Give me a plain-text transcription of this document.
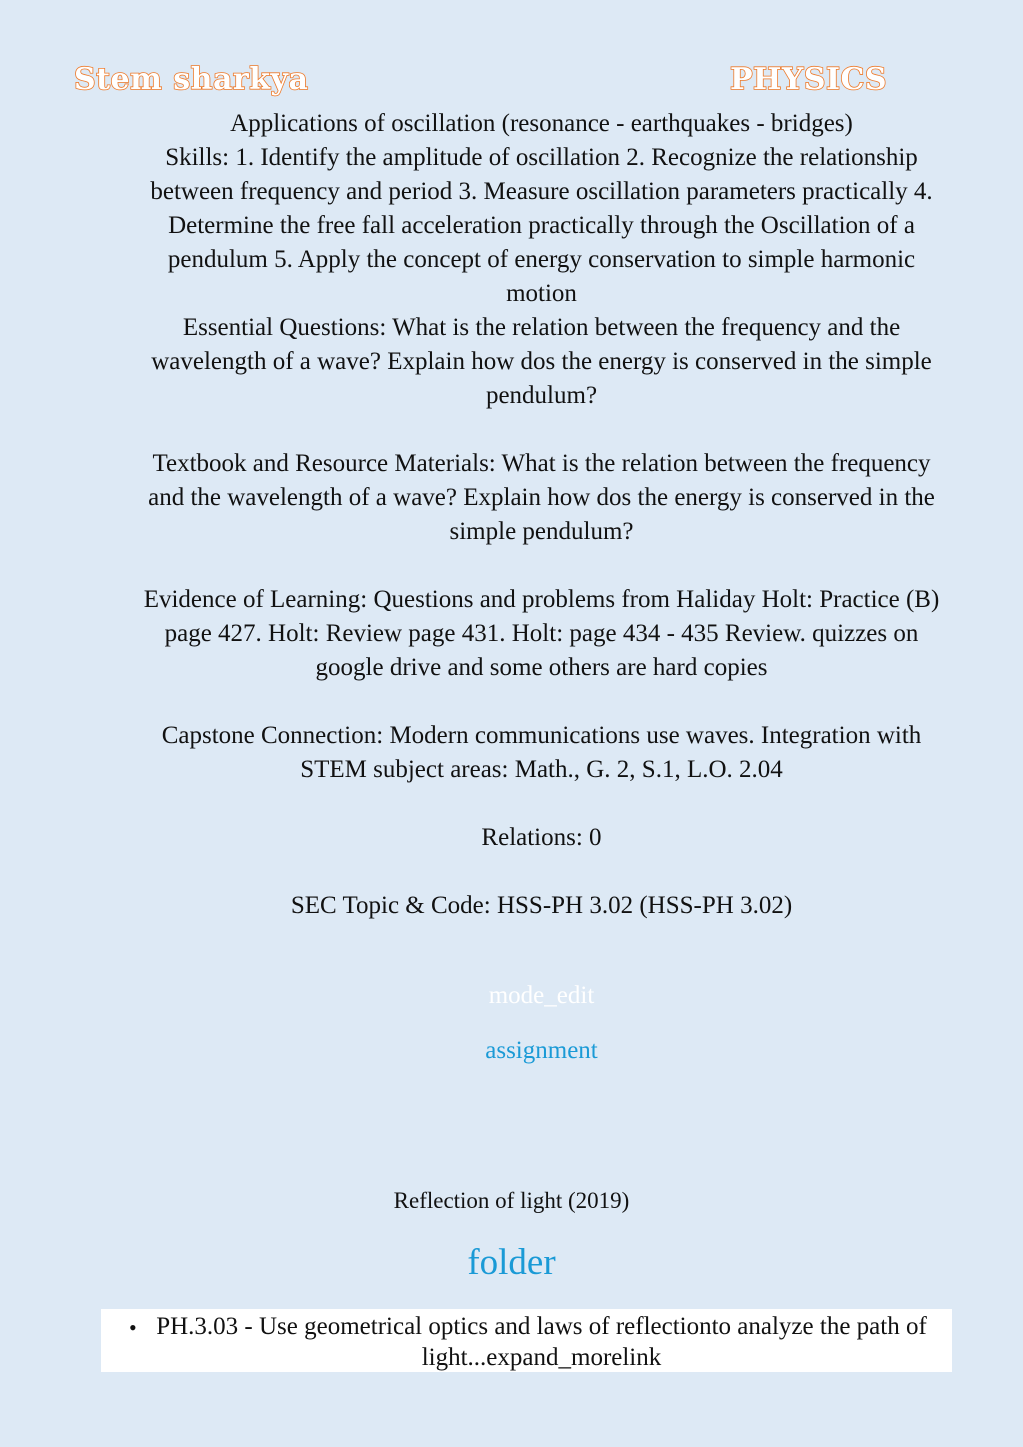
Stem sharkya	PHYSICS

Applications of oscillation (resonance - earthquakes - bridges)

Skills: 1. Identify the amplitude of oscillation 2. Recognize the relationship between frequency and period 3. Measure oscillation parameters practically 4. Determine the free fall acceleration practically through the Oscillation of a pendulum 5. Apply the concept of energy conservation to simple harmonic motion

Essential Questions: What is the relation between the frequency and the wavelength of a wave? Explain how dos the energy is conserved in the simple pendulum?

Textbook and Resource Materials: What is the relation between the frequency and the wavelength of a wave? Explain how dos the energy is conserved in the simple pendulum?

Evidence of Learning: Questions and problems from Haliday Holt: Practice (B) page 427. Holt: Review page 431. Holt: page 434 - 435 Review. quizzes on google drive and some others are hard copies

Capstone Connection: Modern communications use waves. Integration with STEM subject areas: Math., G. 2, S.1, L.O. 2.04

Relations: 0

SEC Topic & Code: HSS-PH 3.02 (HSS-PH 3.02)

mode_edit
assignment
Reflection of light (2019)
folder
• PH.3.03 - Use geometrical optics and laws of reflectionto analyze the path of light...expand_morelink
